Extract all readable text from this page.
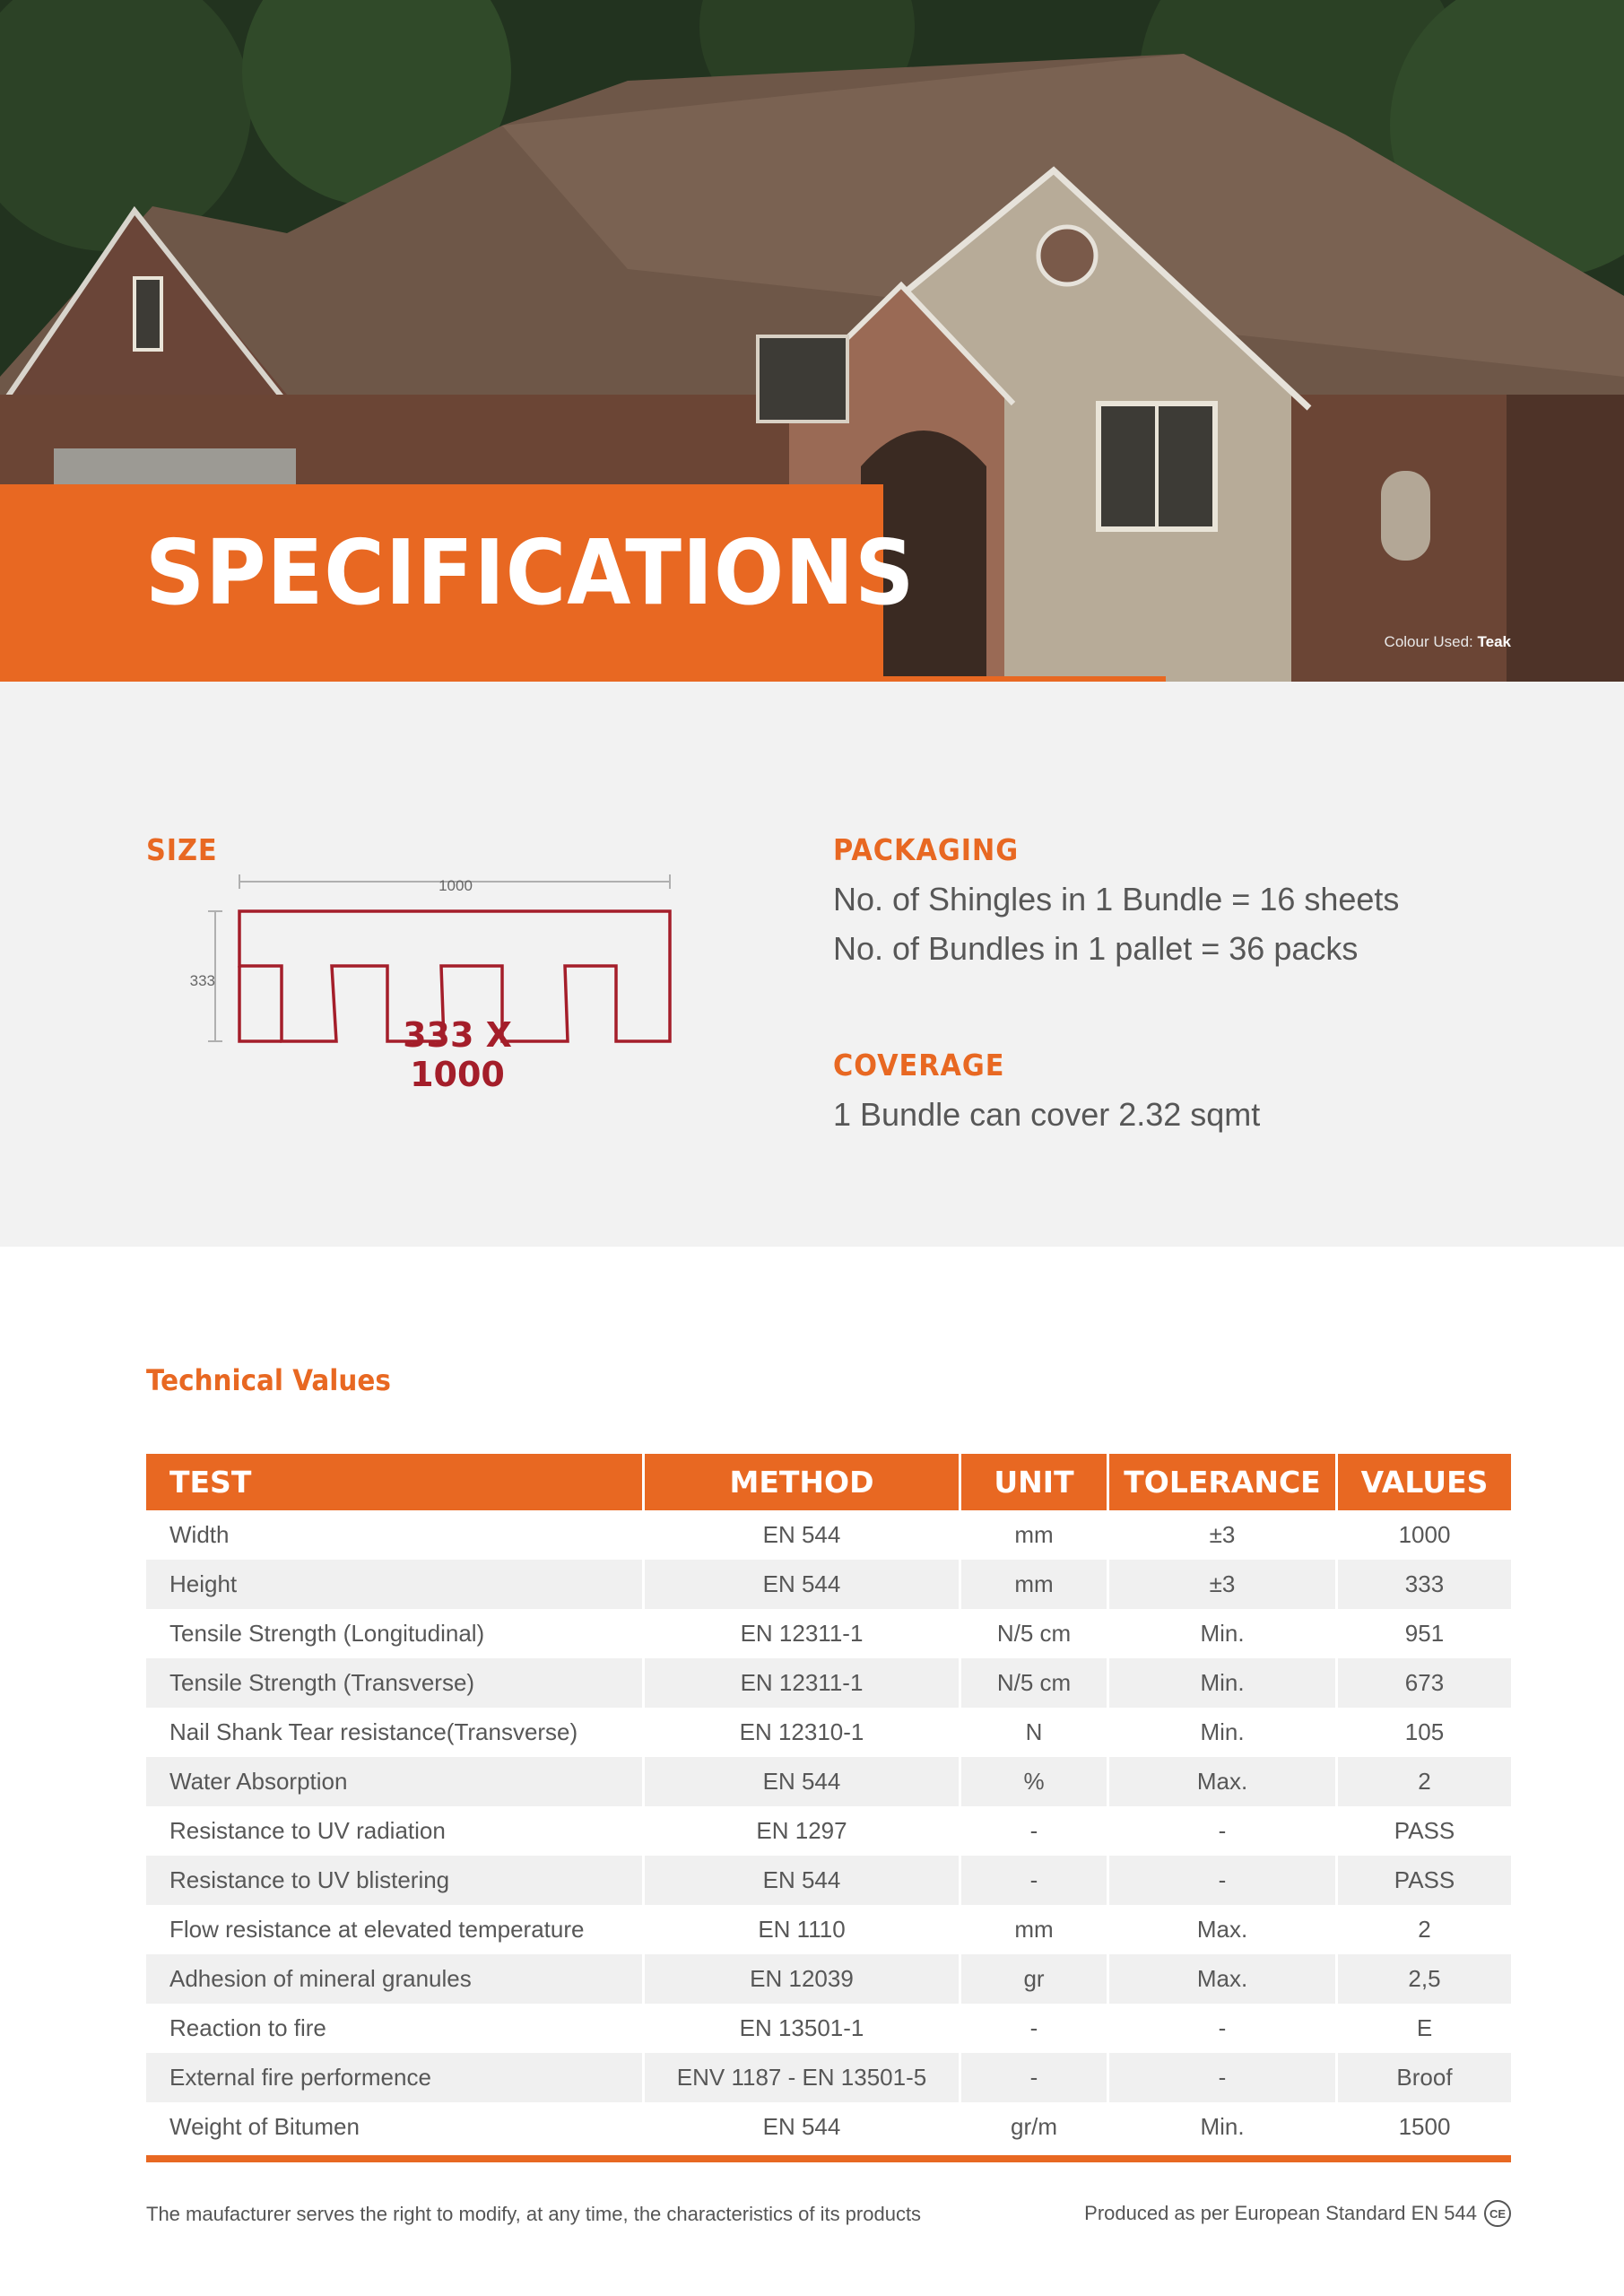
Colour Used: Teak
SPECIFICATIONS
SIZE
1000
333

333 X 1000

PACKAGING

No. of Shingles in 1 Bundle = 16 sheets

No. of Bundles in 1 pallet = 36 packs

COVERAGE

1 Bundle can cover 2.32 sqmt

Technical Values
TEST	METHOD	UNIT	TOLERANCE	VALUES
Width	EN 544	mm	±3	1000
Height	EN 544	mm	±3	333
Tensile Strength (Longitudinal)	EN 12311-1	N/5 cm	Min.	951
Tensile Strength (Transverse)	EN 12311-1	N/5 cm	Min.	673
Nail Shank Tear resistance(Transverse)	EN 12310-1	N	Min.	105
Water Absorption	EN 544	%	Max.	2
Resistance to UV radiation	EN 1297	-	-	PASS
Resistance to UV blistering	EN 544	-	-	PASS
Flow resistance at elevated temperature	EN 1110	mm	Max.	2
Adhesion of mineral granules	EN 12039	gr	Max.	2,5
Reaction to fire	EN 13501-1	-	-	E
External fire performence	ENV 1187 - EN 13501-5	-	-	Broof
Weight of Bitumen	EN 544	gr/m	Min.	1500

The maufacturer serves the right to modify, at any time, the characteristics of its products	Produced as per European Standard EN 544	CE
